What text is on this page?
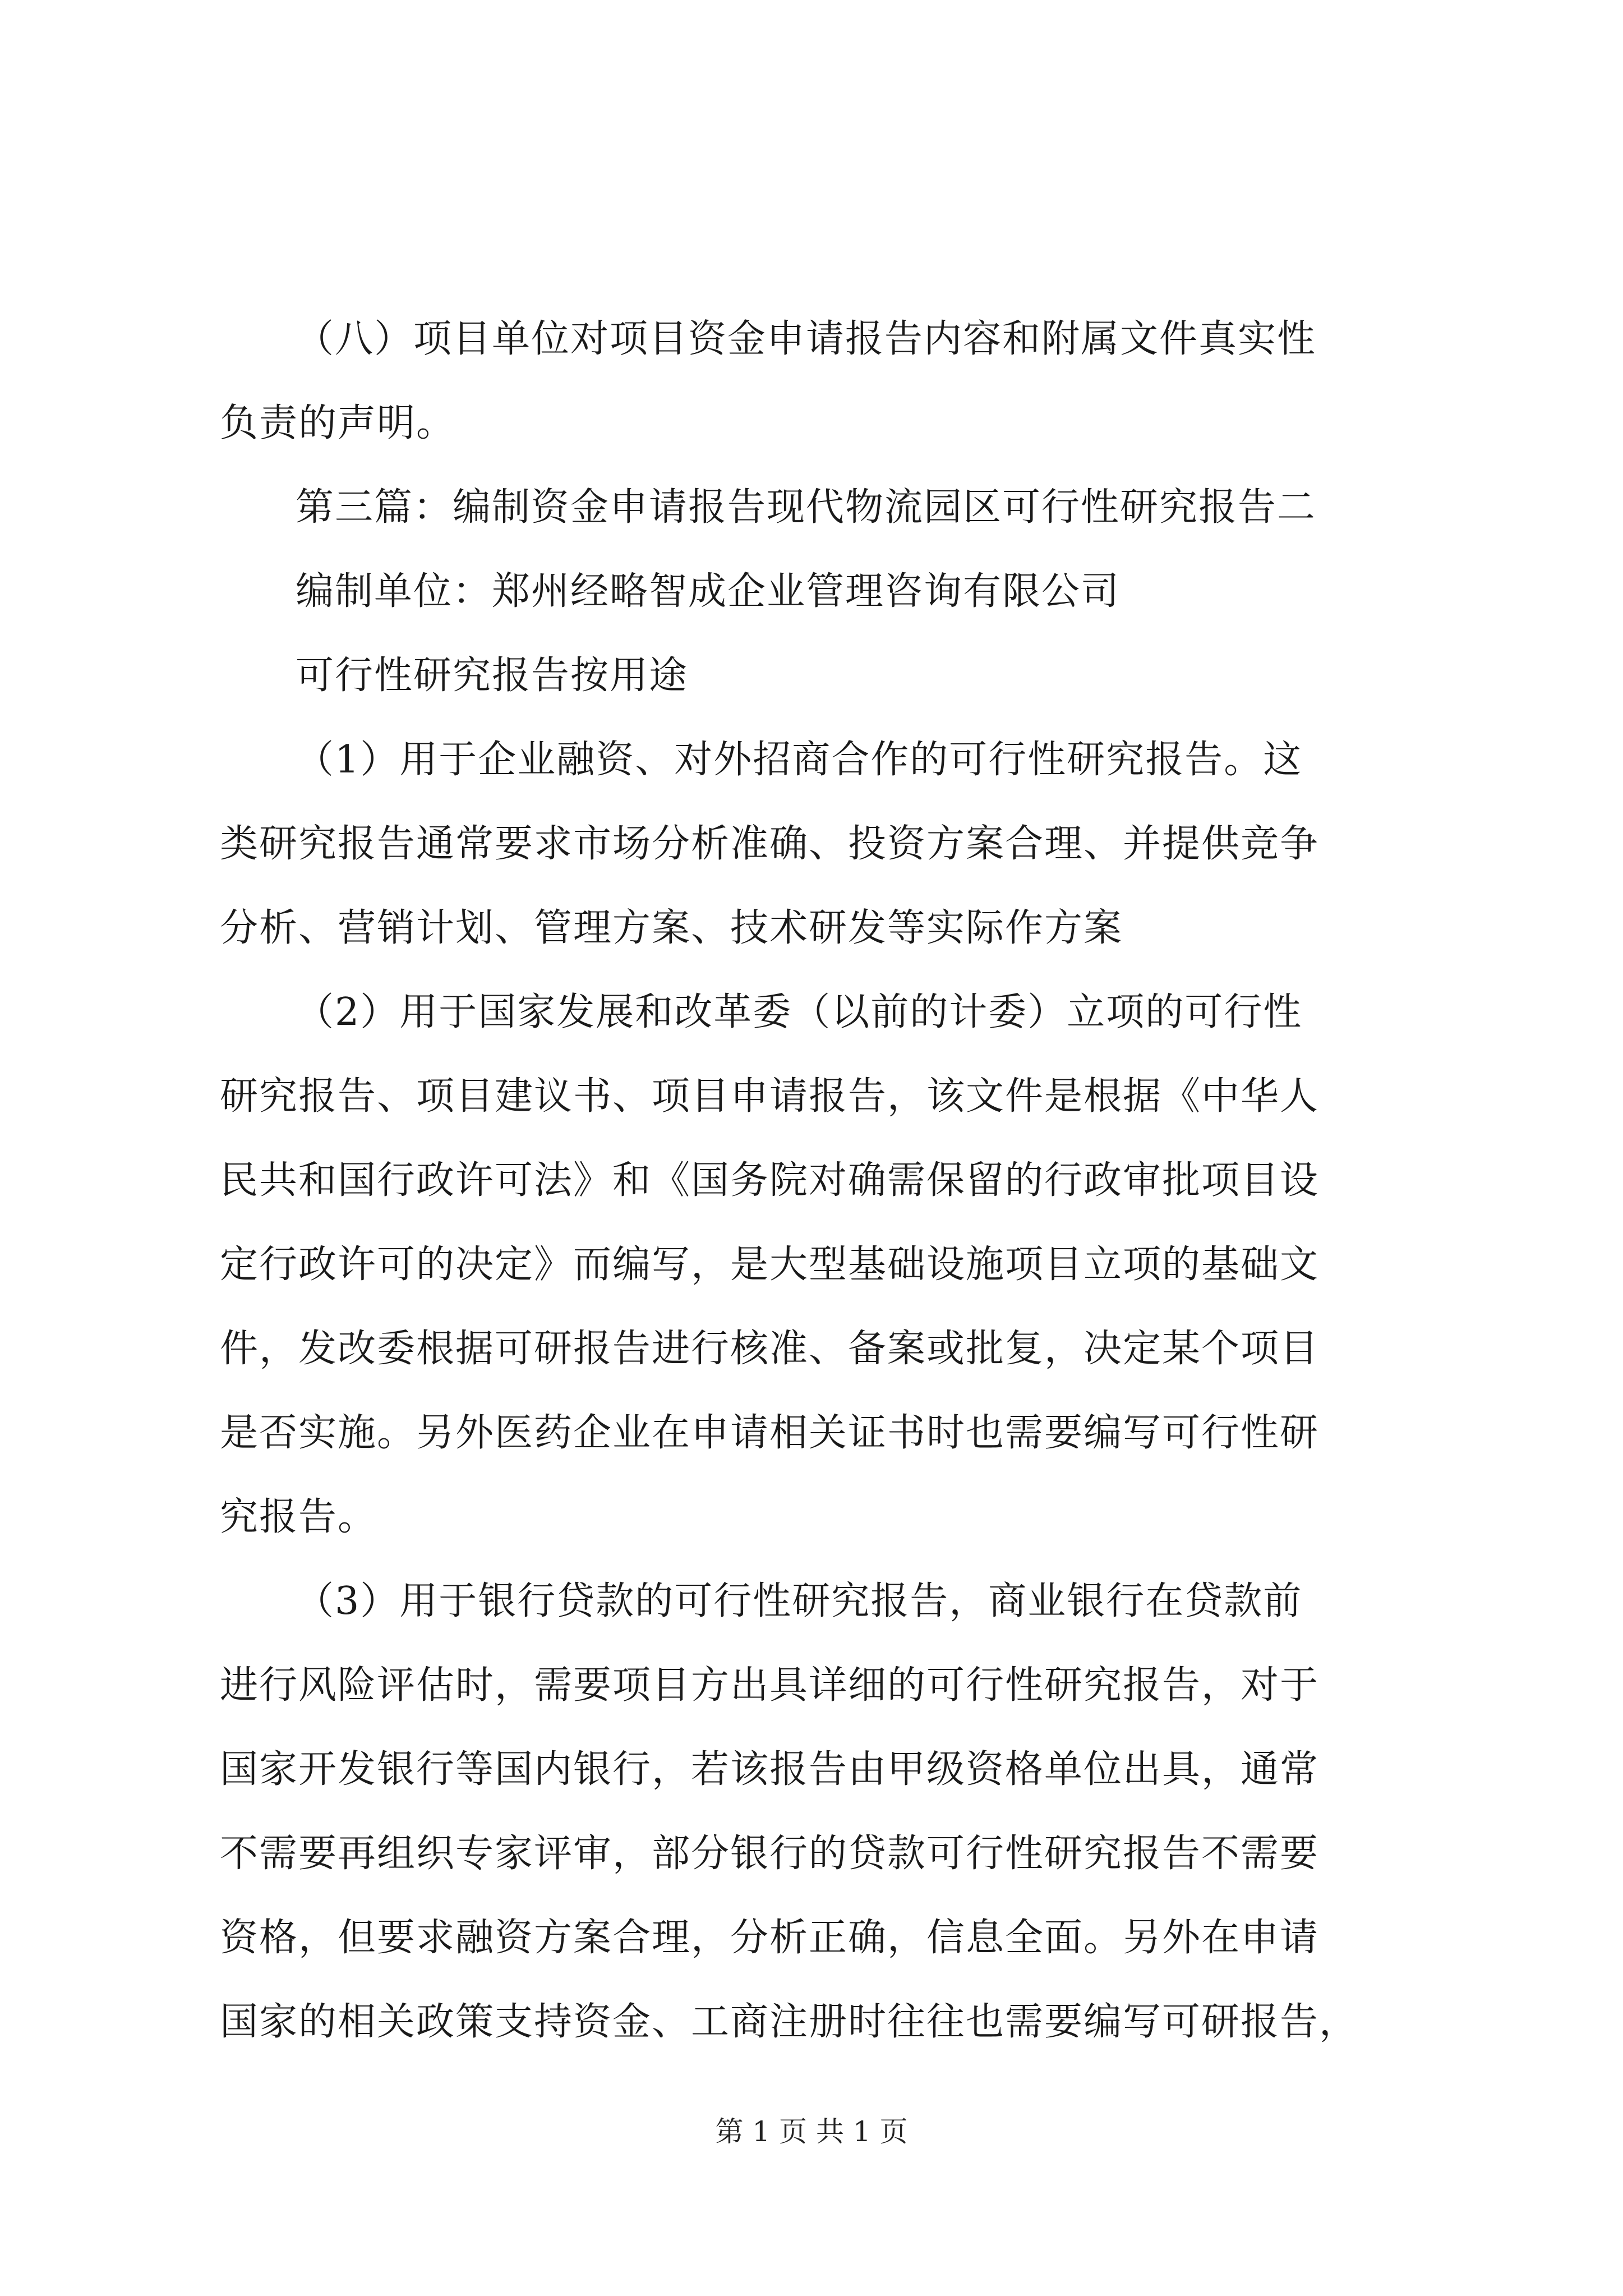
（八）项目单位对项目资金申请报告内容和附属文件真实性
负责的声明。
第三篇：编制资金申请报告现代物流园区可行性研究报告二
编制单位：郑州经略智成企业管理咨询有限公司
可行性研究报告按用途
（1）用于企业融资、对外招商合作的可行性研究报告。这
类研究报告通常要求市场分析准确、投资方案合理、并提供竞争
分析、营销计划、管理方案、技术研发等实际作方案
（2）用于国家发展和改革委（以前的计委）立项的可行性
研究报告、项目建议书、项目申请报告，该文件是根据《中华人
民共和国行政许可法》和《国务院对确需保留的行政审批项目设
定行政许可的决定》而编写，是大型基础设施项目立项的基础文
件，发改委根据可研报告进行核准、备案或批复，决定某个项目
是否实施。另外医药企业在申请相关证书时也需要编写可行性研
究报告。
（3）用于银行贷款的可行性研究报告，商业银行在贷款前
进行风险评估时，需要项目方出具详细的可行性研究报告，对于
国家开发银行等国内银行，若该报告由甲级资格单位出具，通常
不需要再组织专家评审，部分银行的贷款可行性研究报告不需要
资格，但要求融资方案合理，分析正确，信息全面。另外在申请
国家的相关政策支持资金、工商注册时往往也需要编写可研报告，
第 1 页 共 1 页
